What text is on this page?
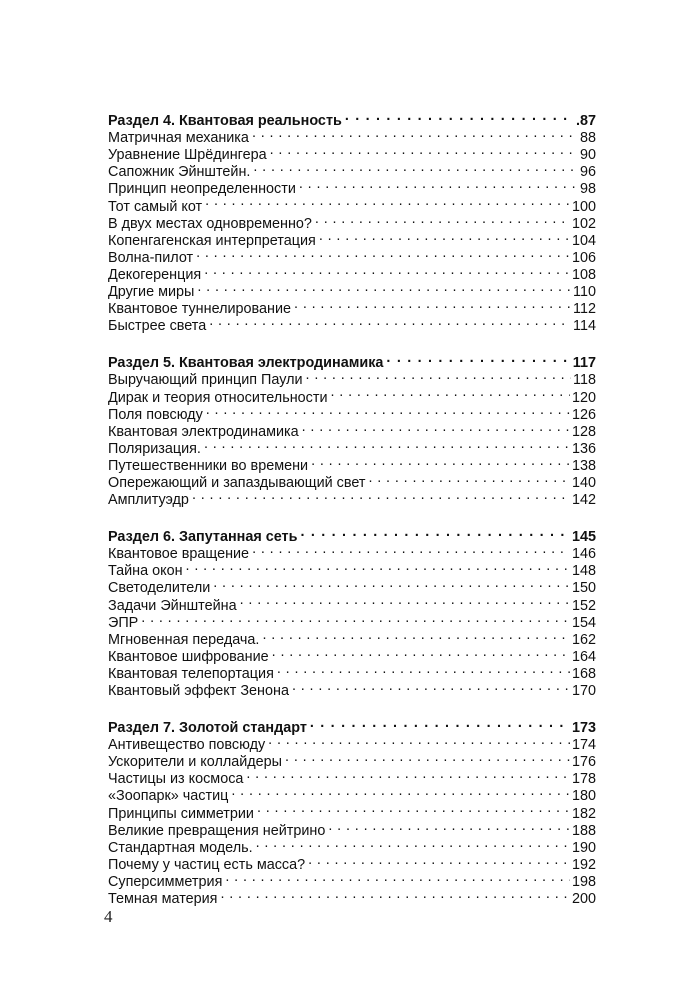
Раздел 4. Квантовая реальность . . .	.87
Матричная механика . . .	88
Уравнение Шрёдингера . . .	90
Сапожник Эйнштейн. . . .	96
Принцип неопределенности . . .	98
Тот самый кот . . .	100
В двух местах одновременно? . . .	102
Копенгагенская интерпретация . . .	104
Волна-пилот . . .	106
Декогеренция . . .	108
Другие миры . . .	110
Квантовое туннелирование . . .	112
Быстрее света . . .	114
Раздел 5. Квантовая электродинамика . . .	117
Выручающий принцип Паули . . .	118
Дирак и теория относительности . . .	120
Поля повсюду . . .	126
Квантовая электродинамика . . .	128
Поляризация. . . .	136
Путешественники во времени . . .	138
Опережающий и запаздывающий свет . . .	140
Амплитуэдр . . .	142
Раздел 6. Запутанная сеть . . .	145
Квантовое вращение . . .	146
Тайна окон . . .	148
Светоделители . . .	150
Задачи Эйнштейна . . .	152
ЭПР . . .	154
Мгновенная передача. . . .	162
Квантовое шифрование . . .	164
Квантовая телепортация . . .	168
Квантовый эффект Зенона . . .	170
Раздел 7. Золотой стандарт . . .	173
Антивещество повсюду . . .	174
Ускорители и коллайдеры . . .	176
Частицы из космоса . . .	178
«Зоопарк» частиц . . .	180
Принципы симметрии . . .	182
Великие превращения нейтрино . . .	188
Стандартная модель. . . .	190
Почему у частиц есть масса? . . .	192
Суперсимметрия . . .	198
Темная материя . . .	200
4
